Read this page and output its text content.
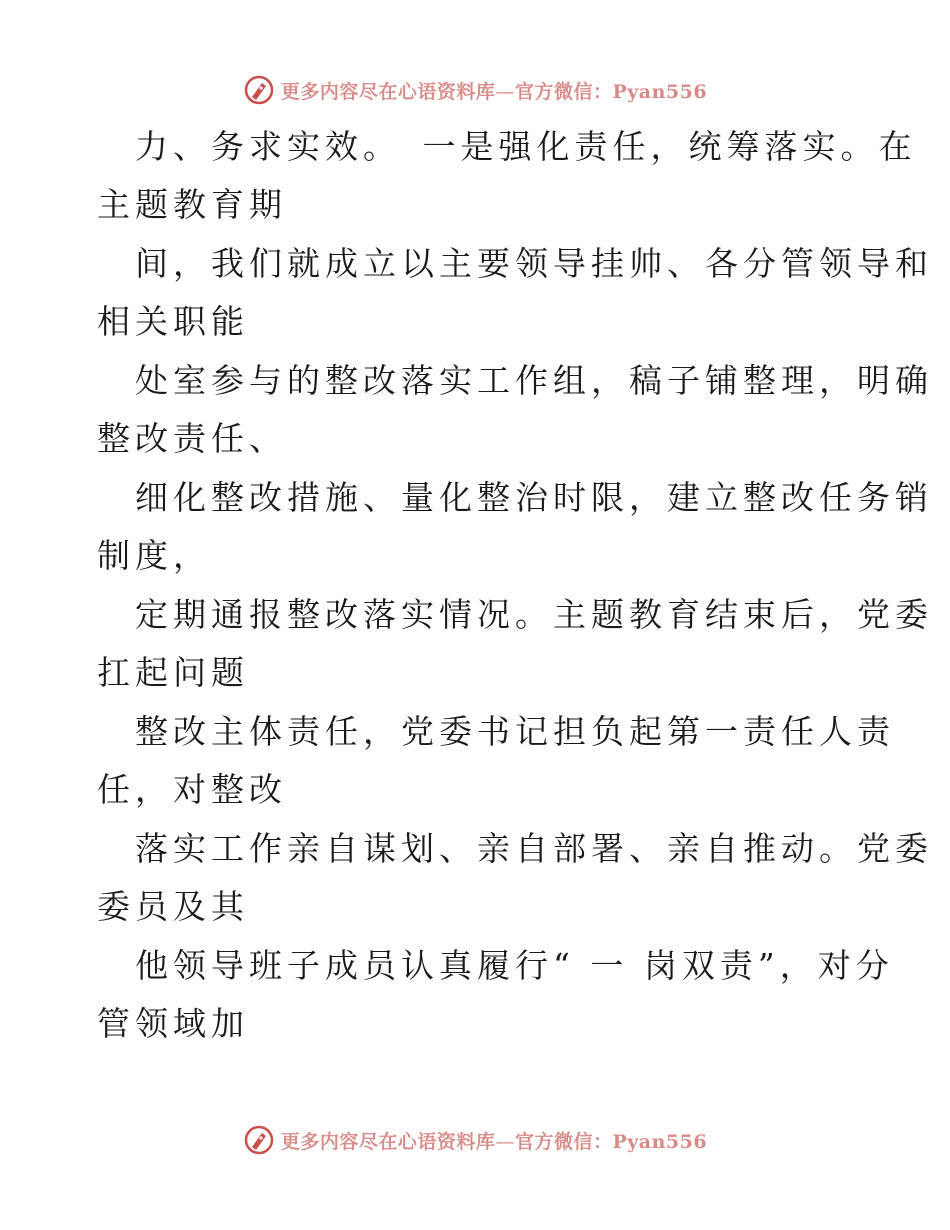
更多内容尽在心语资料库—官方微信：Pyan556
力、务求实效。　一是强化责任，统筹落实。在
主题教育期
间，我们就成立以主要领导挂帅、各分管领导和
相关职能
处室参与的整改落实工作组，稿子铺整理，明确
整改责任、
细化整改措施、量化整治时限，建立整改任务销
制度，
定期通报整改落实情况。主题教育结束后，党委
扛起问题
整改主体责任，党委书记担负起第一责任人责
任，对整改
落实工作亲自谋划、亲自部署、亲自推动。党委
委员及其
他领导班子成员认真履行“ 一 岗双责”，对分
管领域加
更多内容尽在心语资料库—官方微信：Pyan556
